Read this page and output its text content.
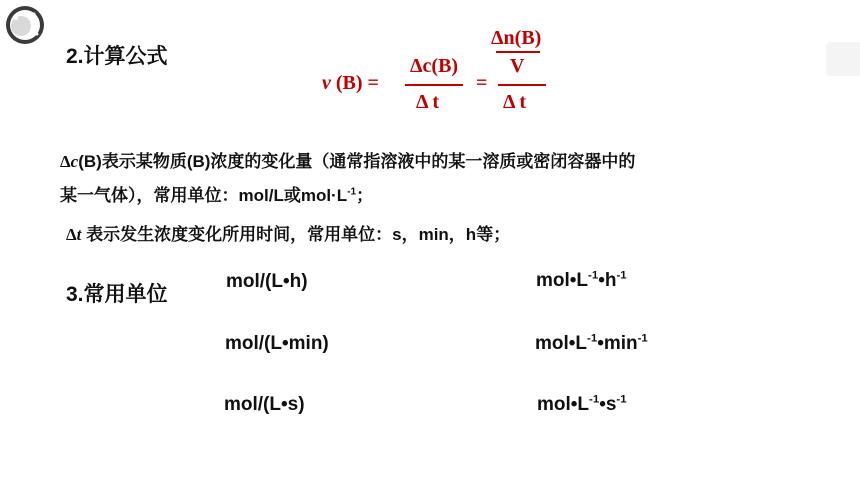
2.计算公式
v (B) =
Δc(B)
Δ t
=
Δn(B)
V
Δ t
Δc(B)表示某物质(B)浓度的变化量（通常指溶液中的某一溶质或密闭容器中的
某一气体），常用单位：mol/L或$mol\cdot L^{-1}$；
Δt 表示发生浓度变化所用时间，常用单位：s，min，h等；
3.常用单位
mol/(L•h)
mol/(L•min)
mol/(L•s)
$mol•L^{-1}•h^{-1}$
$mol•L^{-1}•\min^{-1}$
$mol•L^{-1}•s^{-1}$
